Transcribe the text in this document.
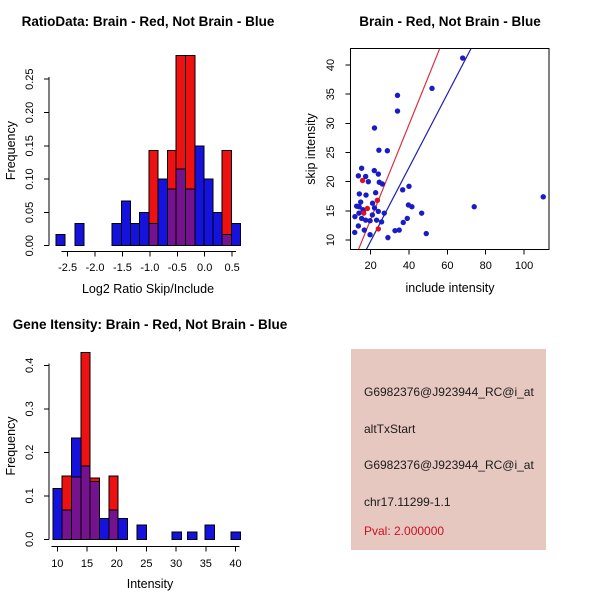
-2.5 -2.0 -1.5 -1.0 -0.5 0.0 0.5
0.00
0.05
0.10
0.15
0.20
0.25
RatioData: Brain - Red, Not Brain - Blue
Log2 Ratio Skip/Include
Frequency
20 40 60 80 100
10
15
20
25
30
35
40
Brain - Red, Not Brain - Blue
include intensity
skip intensity
10 15 20 25 30 35 40
0.0
0.1
0.2
0.3
0.4
Gene Itensity: Brain - Red, Not Brain - Blue
Intensity
Frequency
G6982376@J923944_RC@i_at
altTxStart
G6982376@J923944_RC@i_at
chr17.11299-1.1
Pval: 2.000000
